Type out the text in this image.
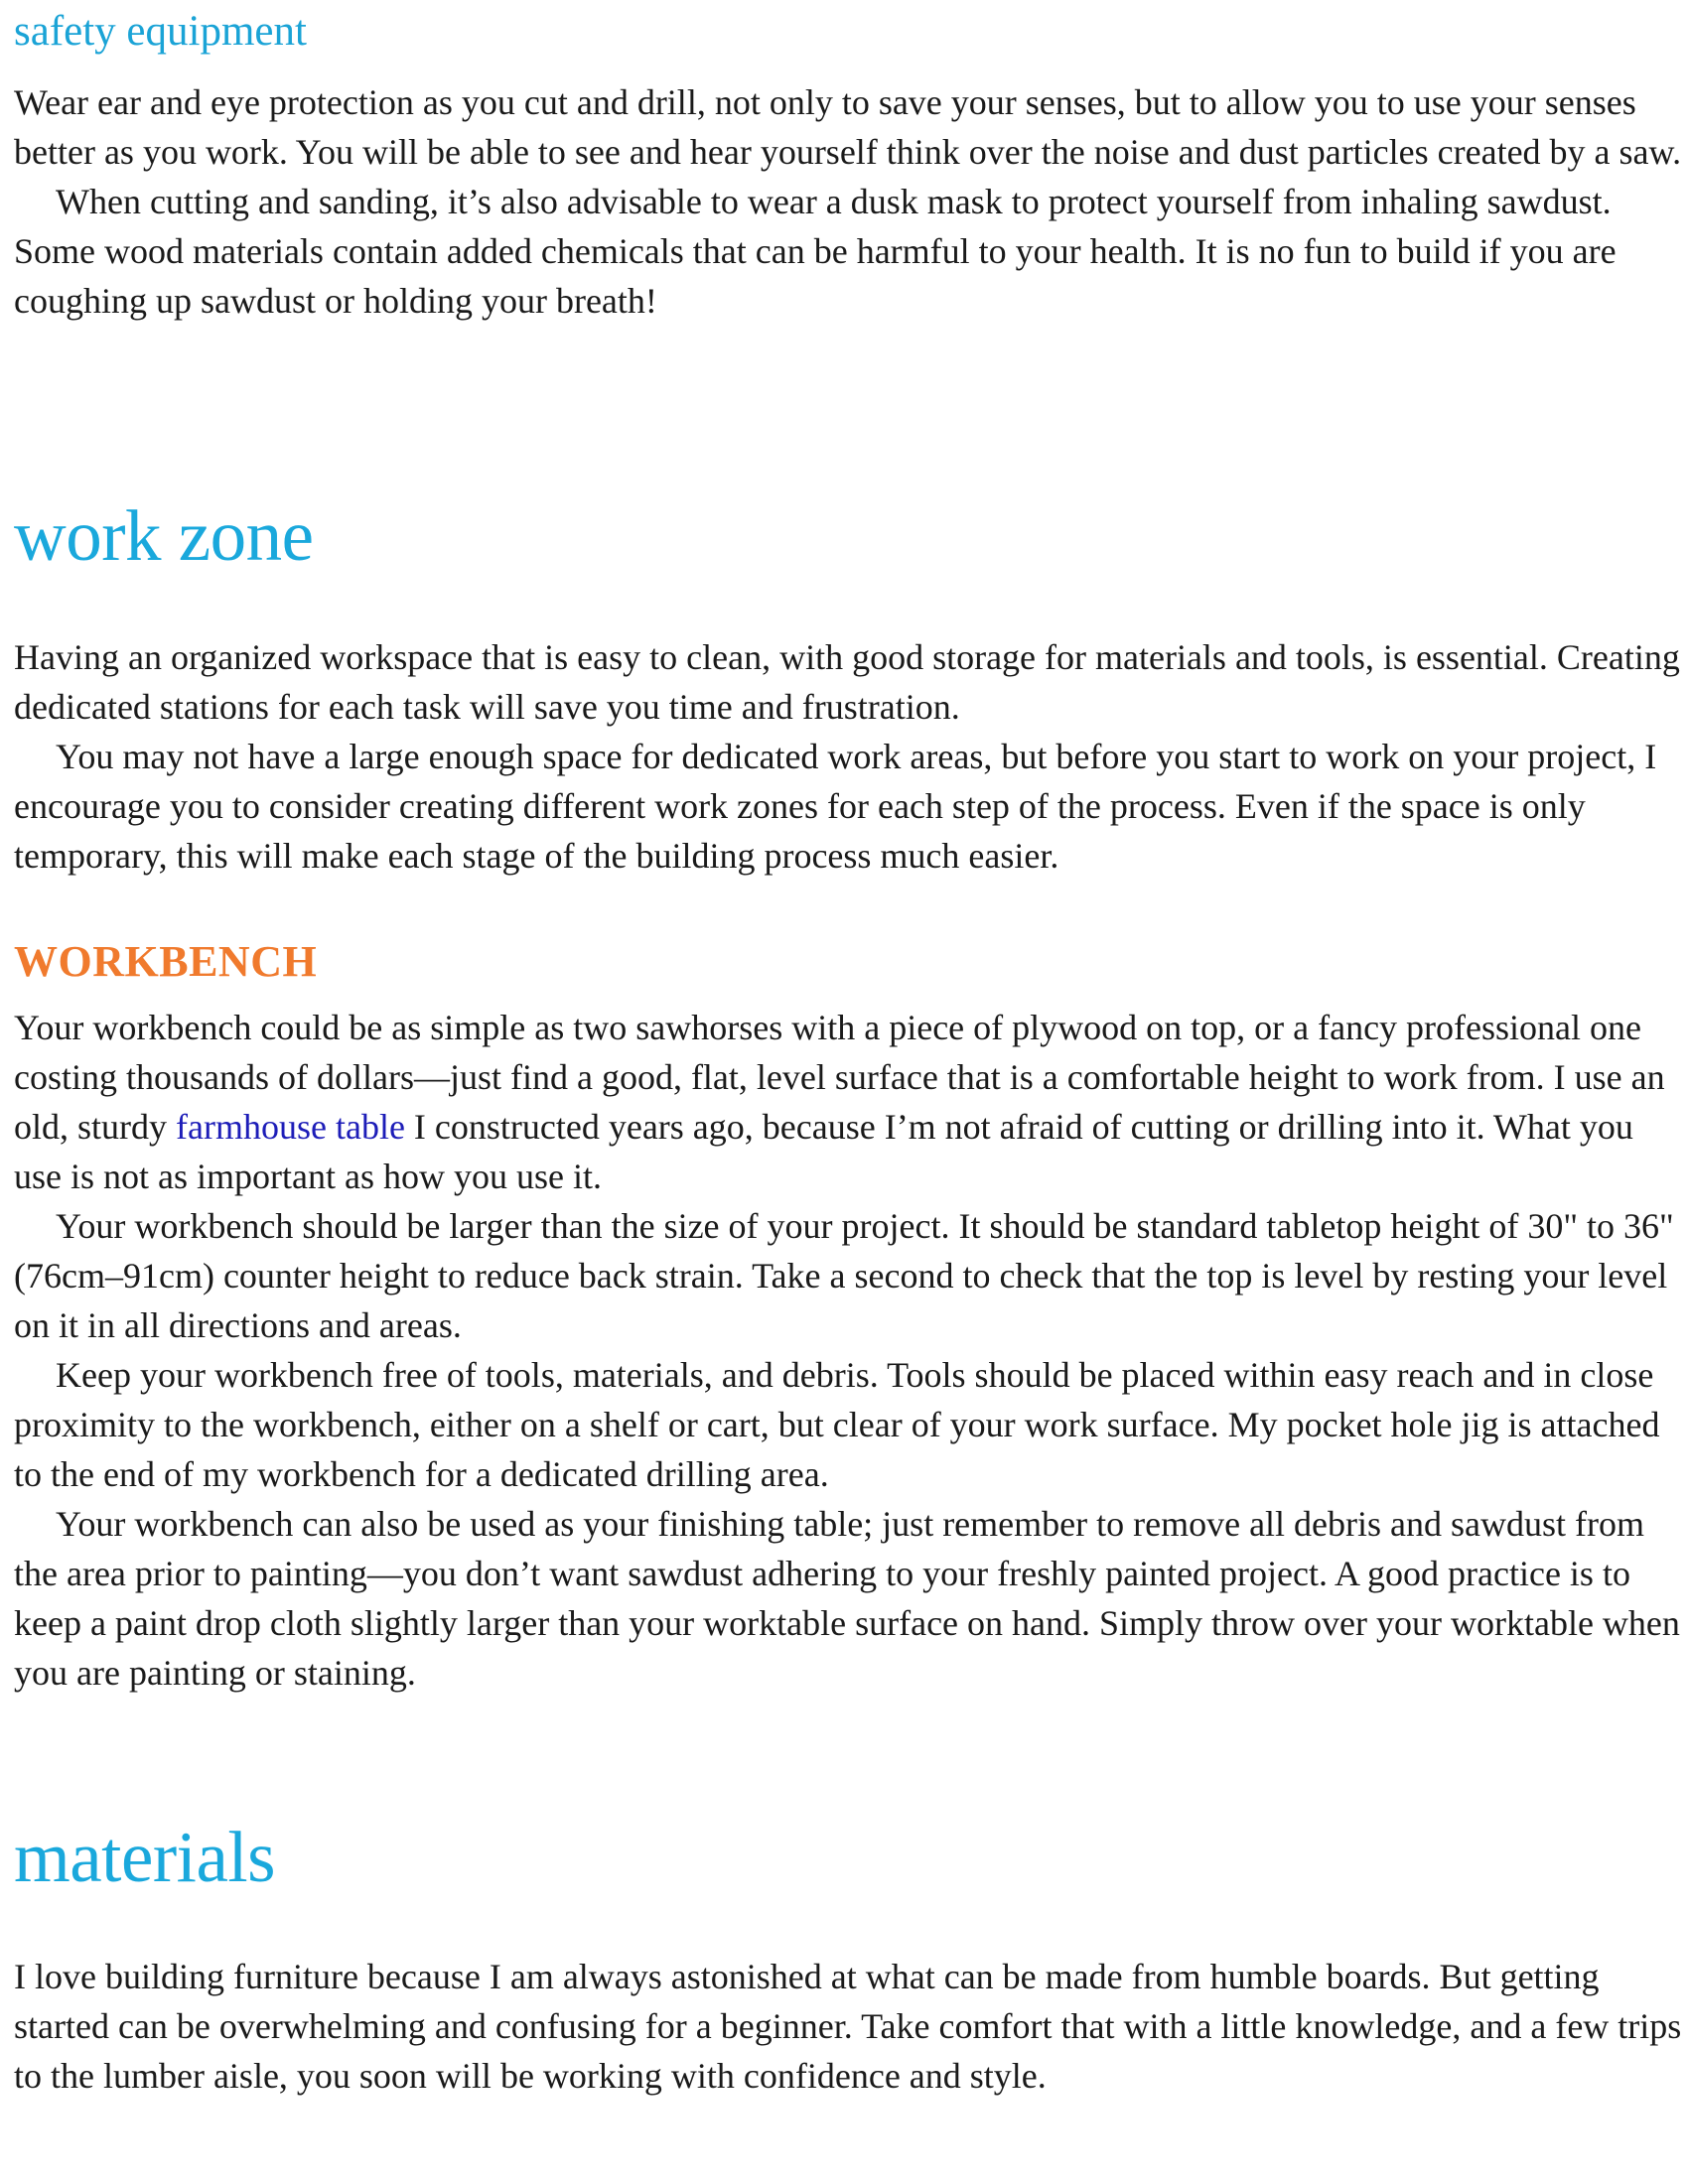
safety equipment

Wear ear and eye protection as you cut and drill, not only to save your senses, but to allow you to use your senses better as you work. You will be able to see and hear yourself think over the noise and dust particles created by a saw.

When cutting and sanding, it’s also advisable to wear a dusk mask to protect yourself from inhaling sawdust. Some wood materials contain added chemicals that can be harmful to your health. It is no fun to build if you are coughing up sawdust or holding your breath!

work zone

Having an organized workspace that is easy to clean, with good storage for materials and tools, is essential. Creating dedicated stations for each task will save you time and frustration.

You may not have a large enough space for dedicated work areas, but before you start to work on your project, I encourage you to consider creating different work zones for each step of the process. Even if the space is only temporary, this will make each stage of the building process much easier.

WORKBENCH

Your workbench could be as simple as two sawhorses with a piece of plywood on top, or a fancy professional one costing thousands of dollars—just find a good, flat, level surface that is a comfortable height to work from. I use an old, sturdy farmhouse table I constructed years ago, because I’m not afraid of cutting or drilling into it. What you use is not as important as how you use it.

Your workbench should be larger than the size of your project. It should be standard tabletop height of 30" to 36" (76cm–91cm) counter height to reduce back strain. Take a second to check that the top is level by resting your level on it in all directions and areas.

Keep your workbench free of tools, materials, and debris. Tools should be placed within easy reach and in close proximity to the workbench, either on a shelf or cart, but clear of your work surface. My pocket hole jig is attached to the end of my workbench for a dedicated drilling area.

Your workbench can also be used as your finishing table; just remember to remove all debris and sawdust from the area prior to painting—you don’t want sawdust adhering to your freshly painted project. A good practice is to keep a paint drop cloth slightly larger than your worktable surface on hand. Simply throw over your worktable when you are painting or staining.

materials

I love building furniture because I am always astonished at what can be made from humble boards. But getting started can be overwhelming and confusing for a beginner. Take comfort that with a little knowledge, and a few trips to the lumber aisle, you soon will be working with confidence and style.
